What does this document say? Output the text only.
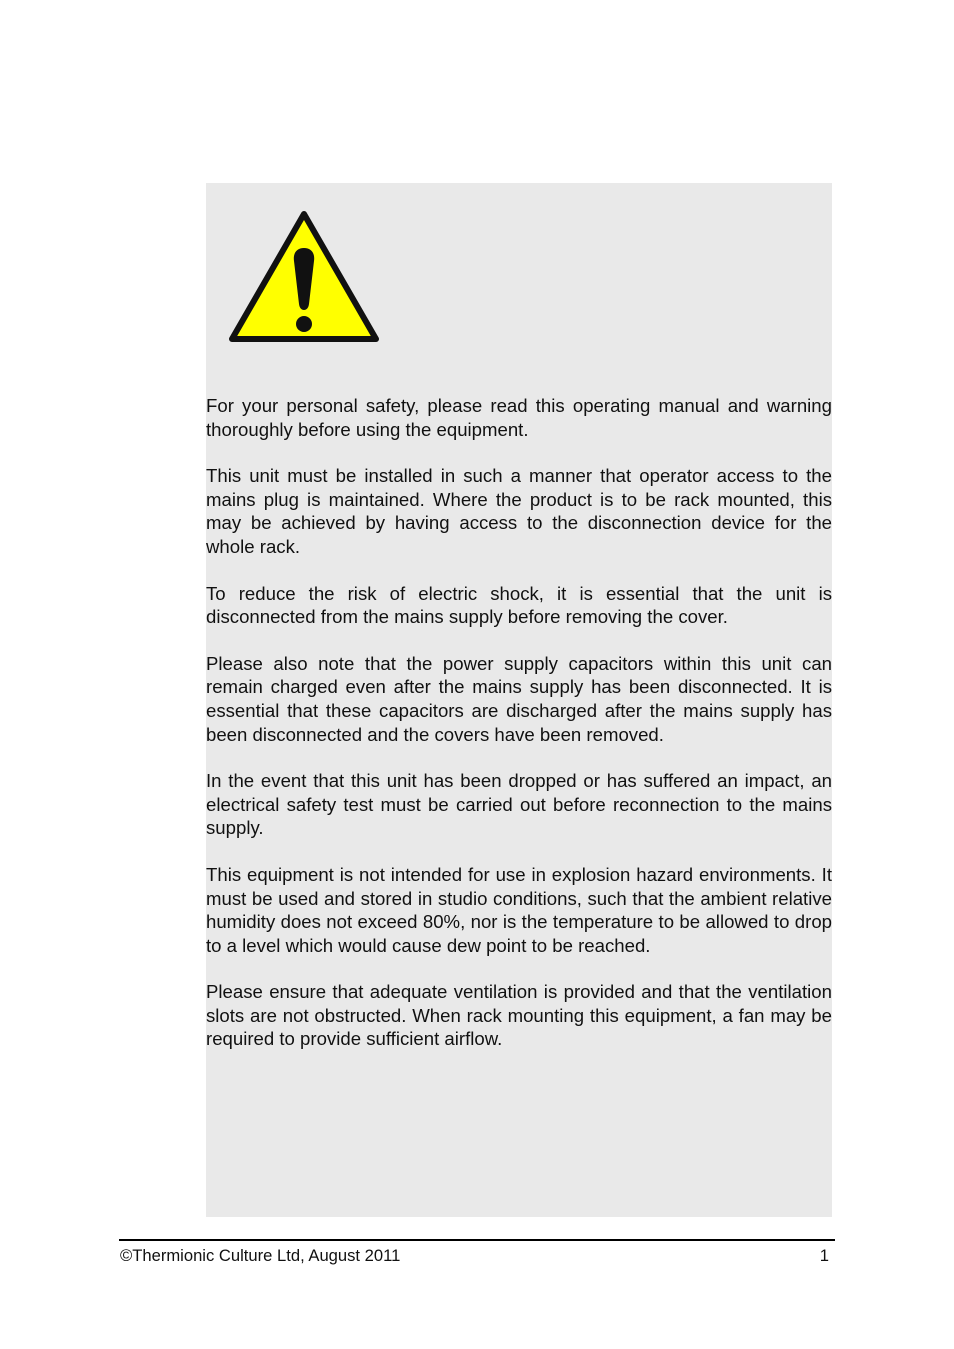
For your personal safety, please read this operating manual and warning thoroughly before using the equipment.

This unit must be installed in such a manner that operator access to the mains plug is maintained. Where the product is to be rack mounted, this may be achieved by having access to the disconnection device for the whole rack.

To reduce the risk of electric shock, it is essential that the unit is disconnected from the mains supply before removing the cover.

Please also note that the power supply capacitors within this unit can remain charged even after the mains supply has been disconnected. It is essential that these capacitors are discharged after the mains supply has been disconnected and the covers have been removed.

In the event that this unit has been dropped or has suffered an impact, an electrical safety test must be carried out before reconnection to the mains supply.

This equipment is not intended for use in explosion hazard environments. It must be used and stored in studio conditions, such that the ambient relative humidity does not exceed 80%, nor is the temperature to be allowed to drop to a level which would cause dew point to be reached.

Please ensure that adequate ventilation is provided and that the ventilation slots are not obstructed. When rack mounting this equipment, a fan may be required to provide sufficient airflow.

©Thermionic Culture Ltd, August 2011	1
